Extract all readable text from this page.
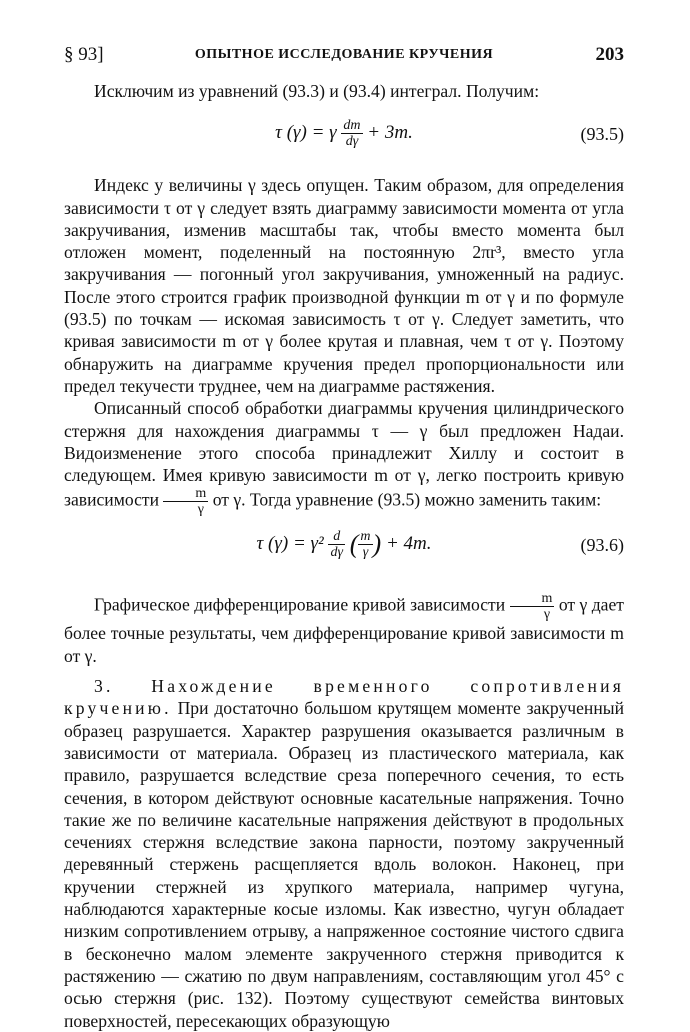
§ 93]	ОПЫТНОЕ ИССЛЕДОВАНИЕ КРУЧЕНИЯ	203

Исключим из уравнений (93.3) и (93.4) интеграл. Получим:

τ (γ) = γ $\frac{dm}{d\gamma} + 3m$.	(93.5)

Индекс у величины γ здесь опущен. Таким образом, для определения зависимости τ от γ следует взять диаграмму зависимости момента от угла закручивания, изменив масштабы так, чтобы вместо момента был отложен момент, поделенный на постоянную 2πr³, вместо угла закручивания — погонный угол закручивания, умноженный на радиус. После этого строится график производной функции m от γ и по формуле (93.5) по точкам — искомая зависимость τ от γ. Следует заметить, что кривая зависимости m от γ более крутая и плавная, чем τ от γ. Поэтому обнаружить на диаграмме кручения предел пропорциональности или предел текучести труднее, чем на диаграмме растяжения.

Описанный способ обработки диаграммы кручения цилиндрического стержня для нахождения диаграммы τ — γ был предложен Надаи. Видоизменение этого способа принадлежит Хиллу и состоит в следующем. Имея кривую зависимости m от γ, легко построить кривую зависимости $\frac{m}{\gamma}$ от γ. Тогда уравнение (93.5) можно заменить таким:

τ $(\gamma) = \gamma^2 \frac{d}{d\gamma}$ ( $\frac{m}{\gamma}$ ) + 4m.	(93.6)

Графическое дифференцирование кривой зависимости $\frac{m}{\gamma}$ от γ дает более точные результаты, чем дифференцирование кривой зависимости m от γ.

3. Нахождение временного сопротивления кручению. При достаточно большом крутящем моменте закрученный образец разрушается. Характер разрушения оказывается различным в зависимости от материала. Образец из пластического материала, как правило, разрушается вследствие среза поперечного сечения, то есть сечения, в котором действуют основные касательные напряжения. Точно такие же по величине касательные напряжения действуют в продольных сечениях стержня вследствие закона парности, поэтому закрученный деревянный стержень расщепляется вдоль волокон. Наконец, при кручении стержней из хрупкого материала, например чугуна, наблюдаются характерные косые изломы. Как известно, чугун обладает низким сопротивлением отрыву, а напряженное состояние чистого сдвига в бесконечно малом элементе закрученного стержня приводится к растяжению — сжатию по двум направлениям, составляющим угол 45° с осью стержня (рис. 132). Поэтому существуют семейства винтовых поверхностей, пересекающих образующую
